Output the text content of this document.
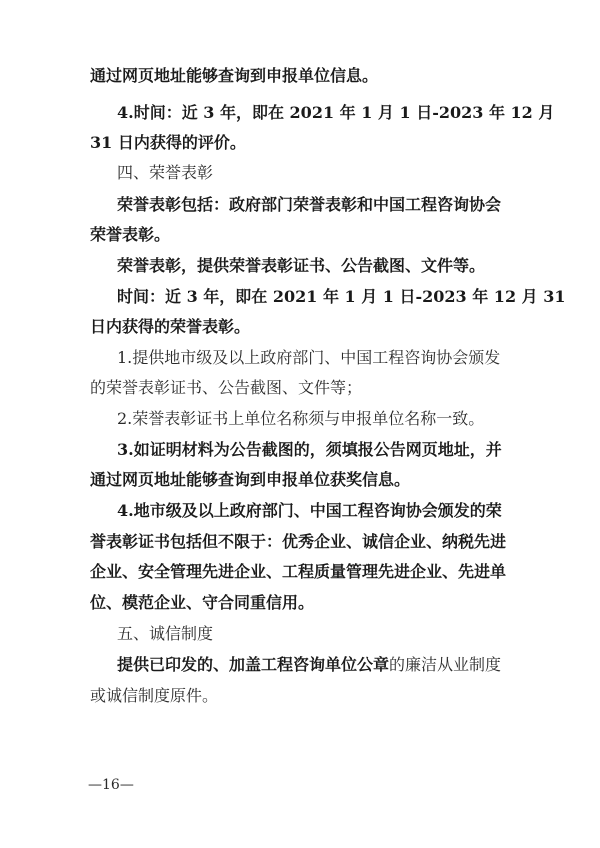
通过网页地址能够查询到申报单位信息。
4.时间：近 3 年，即在 2021 年 1 月 1 日-2023 年 12 月
31 日内获得的评价。
四、荣誉表彰
荣誉表彰包括：政府部门荣誉表彰和中国工程咨询协会
荣誉表彰。
荣誉表彰，提供荣誉表彰证书、公告截图、文件等。
时间：近 3 年，即在 2021 年 1 月 1 日-2023 年 12 月 31
日内获得的荣誉表彰。
1.提供地市级及以上政府部门、中国工程咨询协会颁发
的荣誉表彰证书、公告截图、文件等；
2.荣誉表彰证书上单位名称须与申报单位名称一致。
3.如证明材料为公告截图的，须填报公告网页地址，并
通过网页地址能够查询到申报单位获奖信息。
4.地市级及以上政府部门、中国工程咨询协会颁发的荣
誉表彰证书包括但不限于：优秀企业、诚信企业、纳税先进
企业、安全管理先进企业、工程质量管理先进企业、先进单
位、模范企业、守合同重信用。
五、诚信制度
提供已印发的、加盖工程咨询单位公章的廉洁从业制度
或诚信制度原件。
—16—
